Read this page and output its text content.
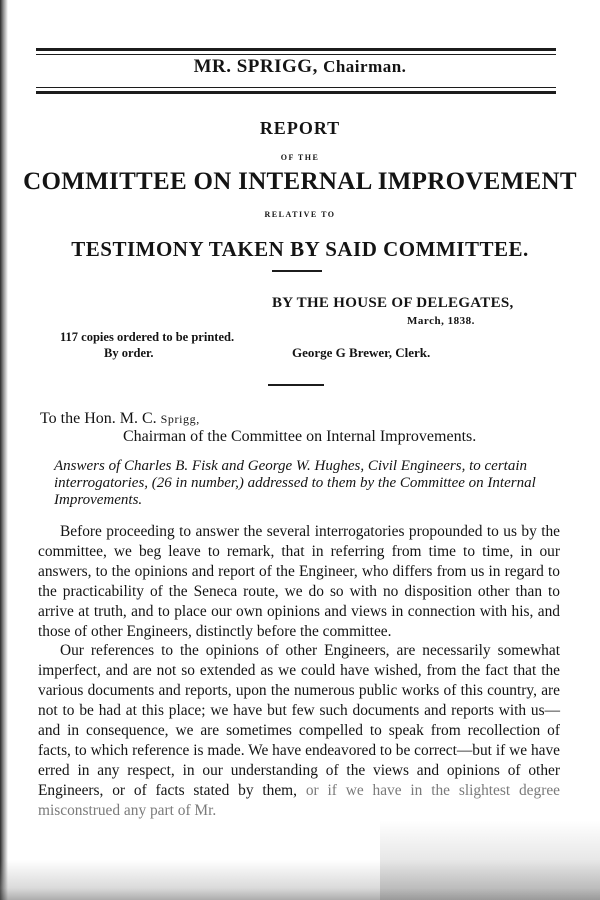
MR. SPRIGG, Chairman.
REPORT
OF THE
COMMITTEE ON INTERNAL IMPROVEMENT
RELATIVE TO
TESTIMONY TAKEN BY SAID COMMITTEE.
BY THE HOUSE OF DELEGATES,
March, 1838.
117 copies ordered to be printed.
By order.	George G Brewer, Clerk.
To the Hon. M. C. Sprigg,
Chairman of the Committee on Internal Improvements.
Answers of Charles B. Fisk and George W. Hughes, Civil Engineers, to certain interrogatories, (26 in number,) addressed to them by the Committee on Internal Improvements.

Before proceeding to answer the several interrogatories propounded to us by the committee, we beg leave to remark, that in referring from time to time, in our answers, to the opinions and report of the Engineer, who differs from us in regard to the practicability of the Seneca route, we do so with no disposition other than to arrive at truth, and to place our own opinions and views in connection with his, and those of other Engineers, distinctly before the committee.

Our references to the opinions of other Engineers, are necessarily somewhat imperfect, and are not so extended as we could have wished, from the fact that the various documents and reports, upon the numerous public works of this country, are not to be had at this place; we have but few such documents and reports with us—and in consequence, we are sometimes compelled to speak from recollection of facts, to which reference is made. We have endeavored to be correct—but if we have erred in any respect, in our understanding of the views and opinions of other Engineers, or of facts stated by them, or if we have in the slightest degree misconstrued any part of Mr.
